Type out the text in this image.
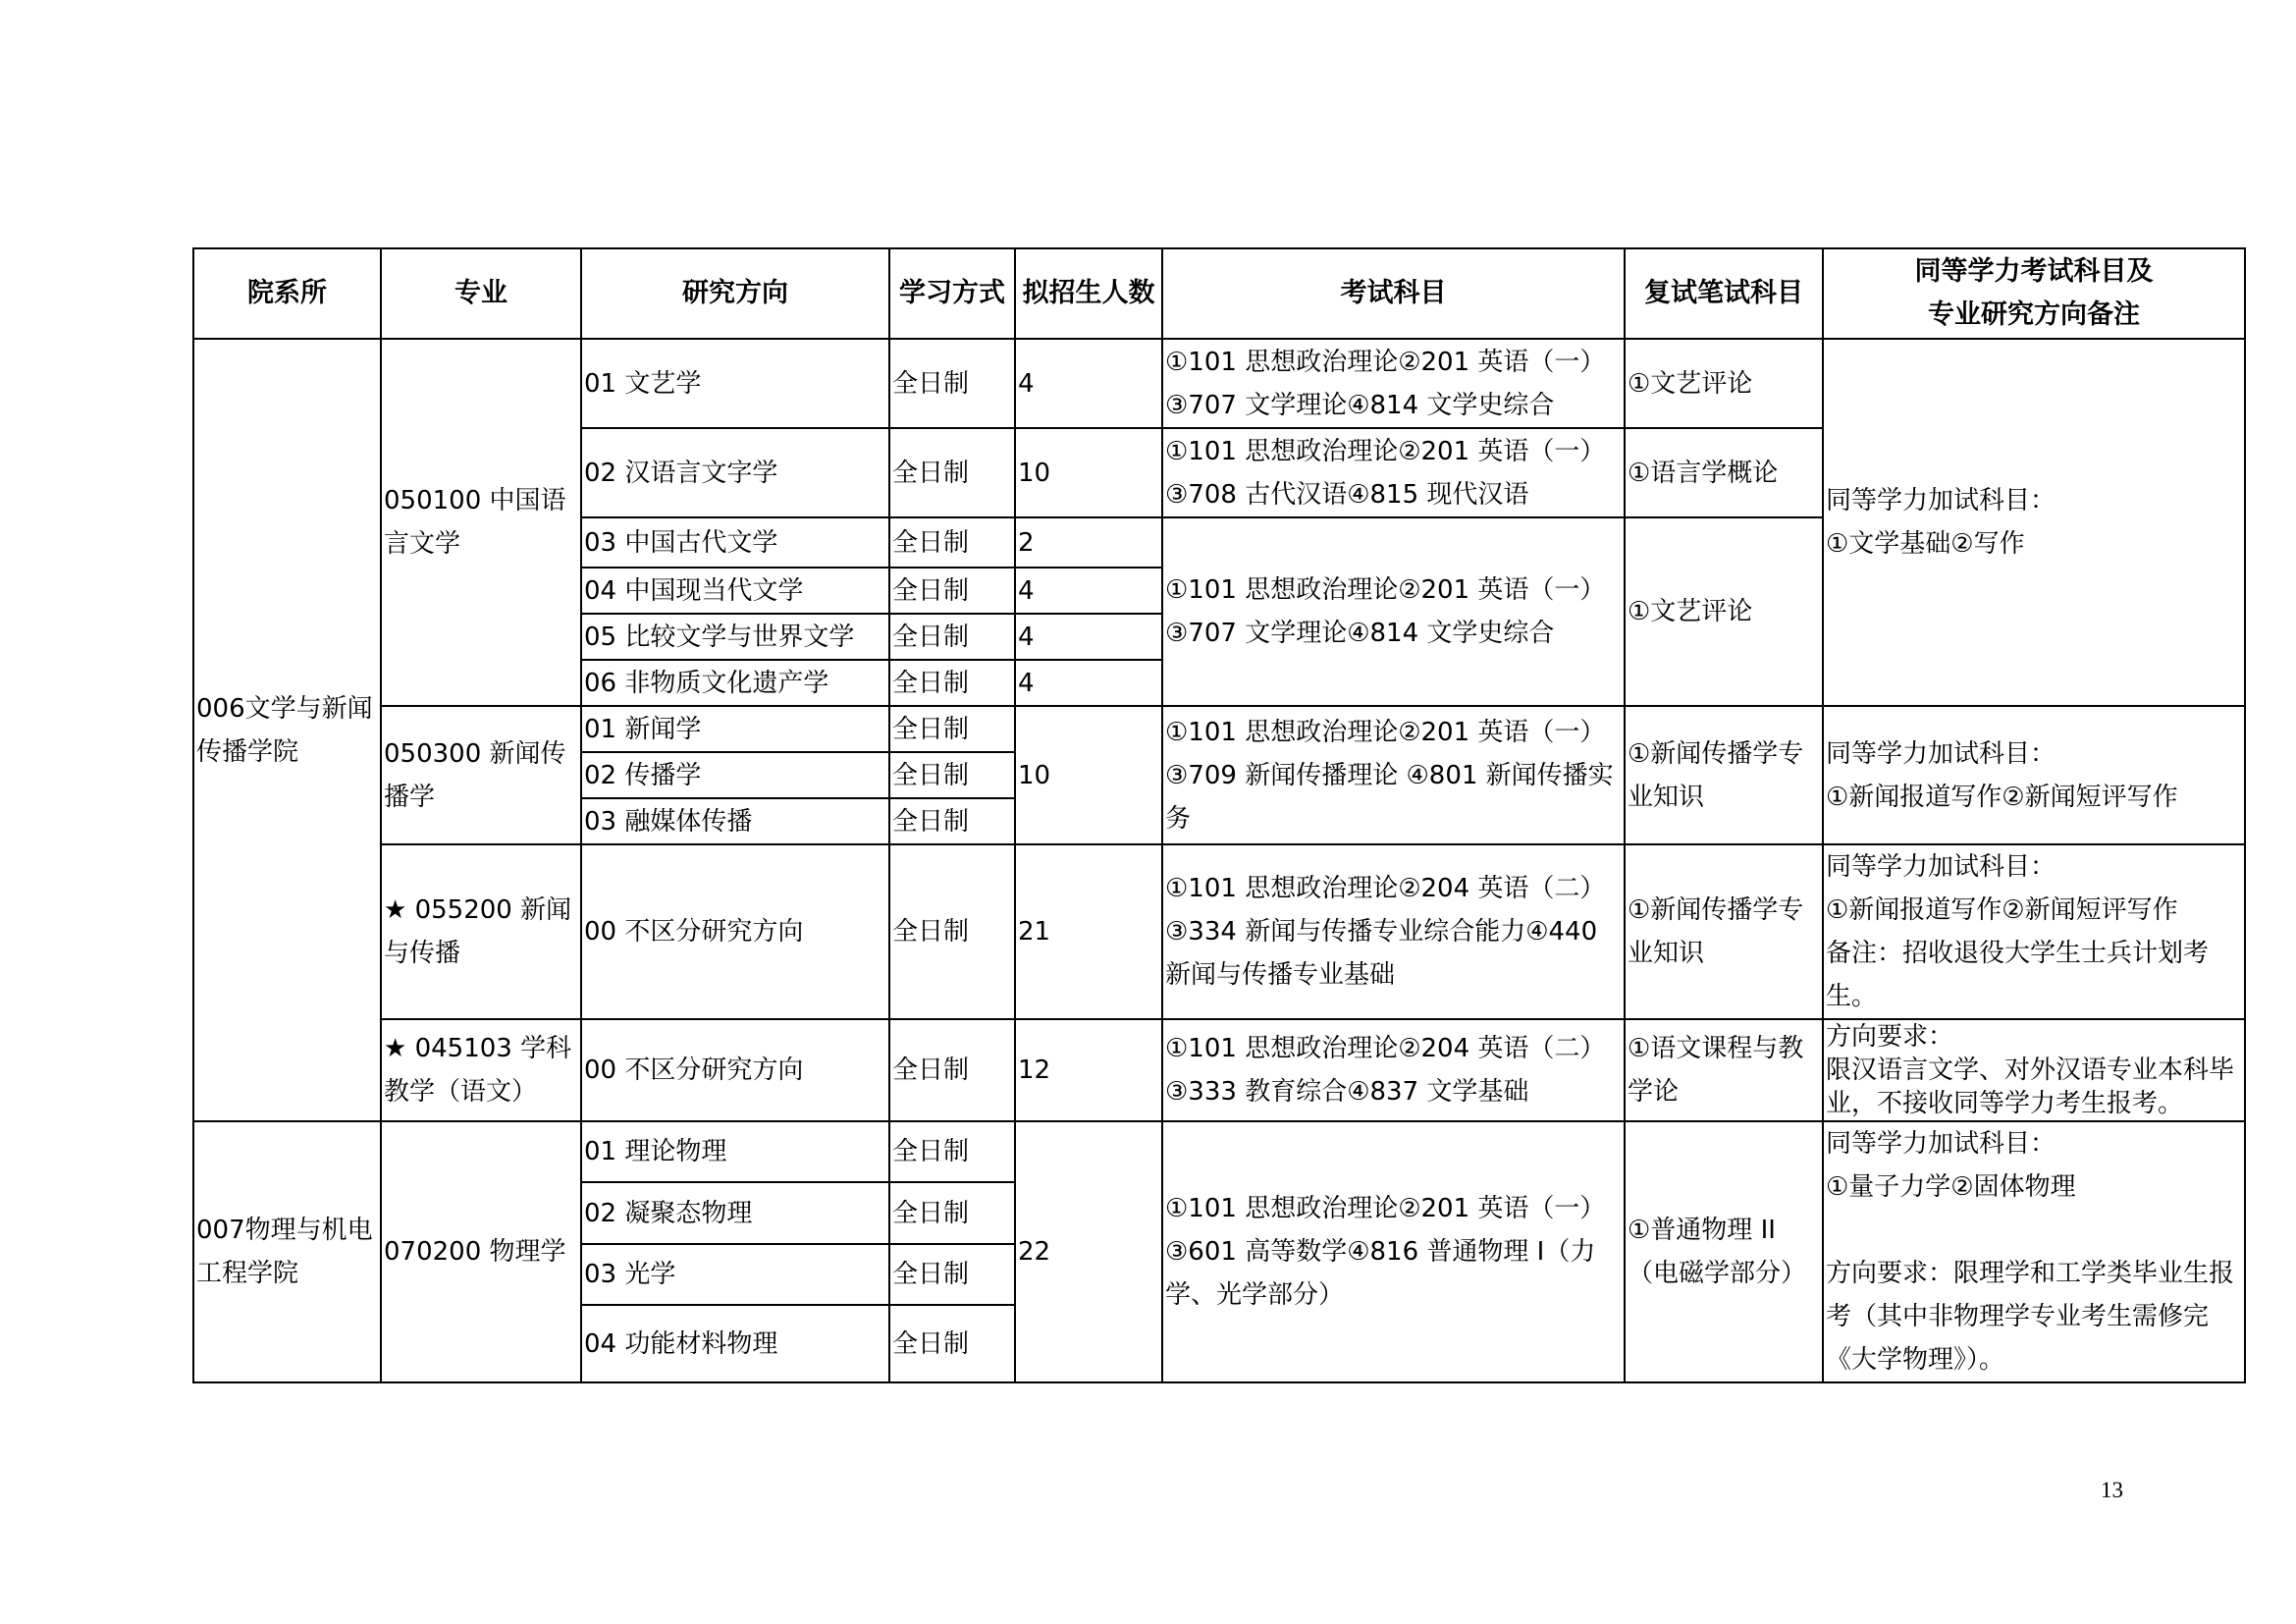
院系所	专业	研究方向	学习方式	拟招生人数	考试科目	复试笔试科目	同等学力考试科目及
专业研究方向备注

006文学与新闻传播学院	050100 中国语言文学	01 文艺学	全日制	4	①101 思想政治理论②201 英语（一）③707 文学理论④814 文学史综合	①文艺评论	同等学力加试科目：
①文学基础②写作

		02 汉语言文字学	全日制	10	①101 思想政治理论②201 英语（一）③708 古代汉语④815 现代汉语	①语言学概论	
		03 中国古代文学	全日制	2	①101 思想政治理论②201 英语（一）③707 文学理论④814 文学史综合	①文艺评论	
		04 中国现当代文学	全日制	4			
		05 比较文学与世界文学	全日制	4			
		06 非物质文化遗产学	全日制	4			
	050300 新闻传播学	01 新闻学	全日制	10	①101 思想政治理论②201 英语（一）③709 新闻传播理论 ④801 新闻传播实务	①新闻传播学专业知识	同等学力加试科目：
①新闻报道写作②新闻短评写作

		02 传播学	全日制				
		03 融媒体传播	全日制				
	★ 055200 新闻与传播	00 不区分研究方向	全日制	21	①101 思想政治理论②204 英语（二）③334 新闻与传播专业综合能力④440 新闻与传播专业基础	①新闻传播学专业知识	同等学力加试科目：
①新闻报道写作②新闻短评写作
备注：招收退役大学生士兵计划考生。

	★ 045103 学科教学（语文）	00 不区分研究方向	全日制	12	①101 思想政治理论②204 英语（二）③333 教育综合④837 文学基础	①语文课程与教学论	方向要求：
限汉语言文学、对外汉语专业本科毕业，不接收同等学力考生报考。

007物理与机电工程学院	070200 物理学	01 理论物理	全日制	22	①101 思想政治理论②201 英语（一）③601 高等数学④816 普通物理 I（力学、光学部分）	①普通物理 II（电磁学部分）	同等学力加试科目：
①量子力学②固体物理
方向要求：限理学和工学类毕业生报考（其中非物理学专业考生需修完《大学物理》）。

		02 凝聚态物理	全日制				
		03 光学	全日制				
		04 功能材料物理	全日制				
13
